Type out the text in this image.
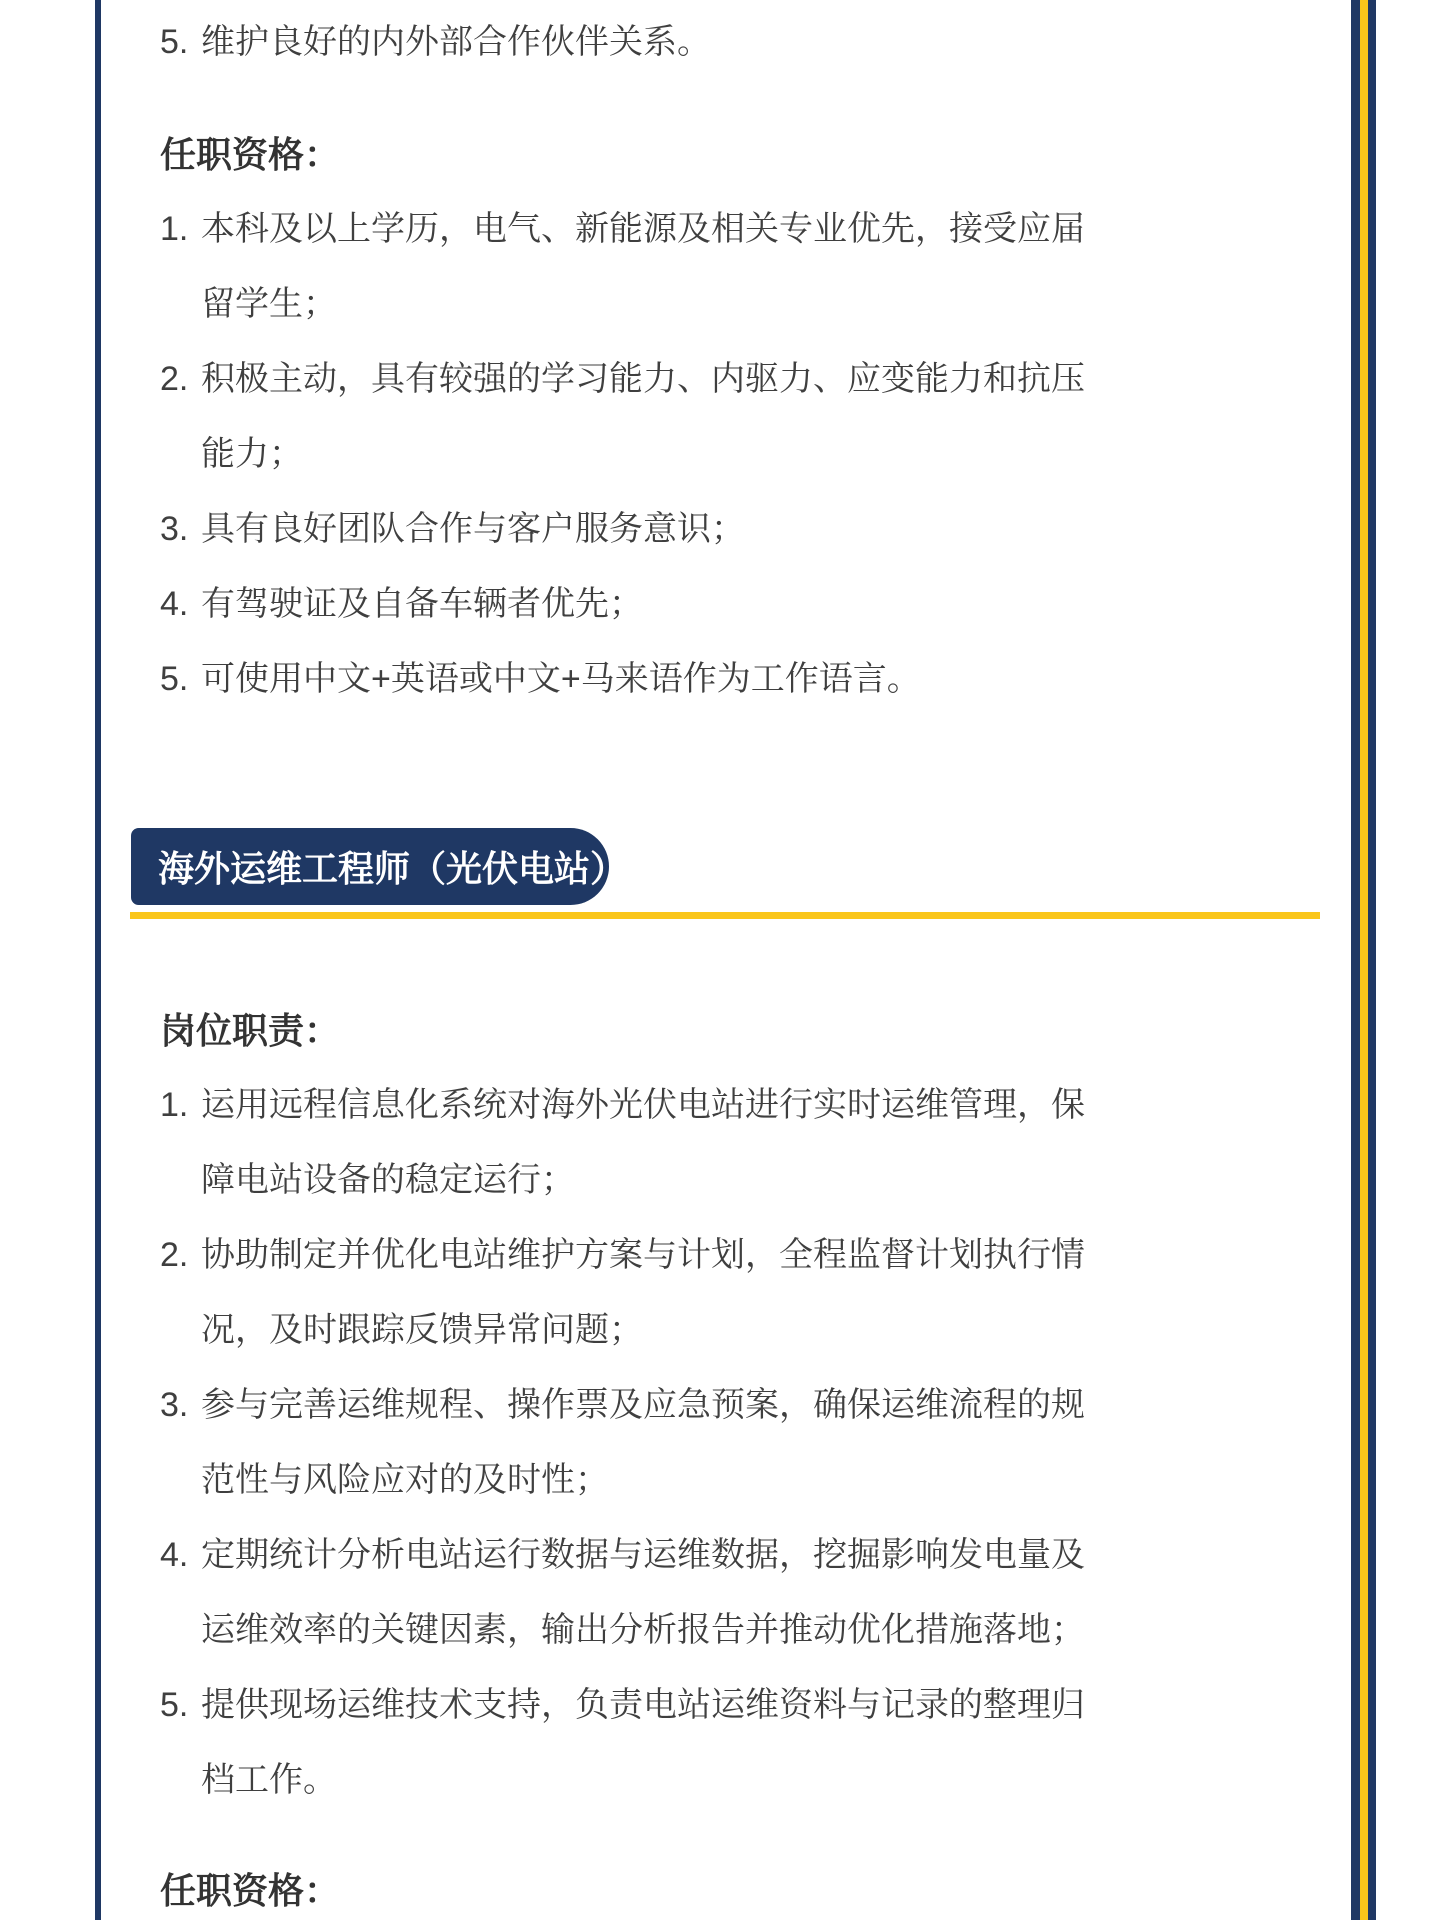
5. 维护良好的内外部合作伙伴关系。
任职资格：
1. 本科及以上学历，电气、新能源及相关专业优先，接受应届
留学生；
2. 积极主动，具有较强的学习能力、内驱力、应变能力和抗压
能力；
3. 具有良好团队合作与客户服务意识；
4. 有驾驶证及自备车辆者优先；
5. 可使用中文+英语或中文+马来语作为工作语言。
海外运维工程师（光伏电站）
岗位职责：
1. 运用远程信息化系统对海外光伏电站进行实时运维管理，保
障电站设备的稳定运行；
2. 协助制定并优化电站维护方案与计划，全程监督计划执行情
况，及时跟踪反馈异常问题；
3. 参与完善运维规程、操作票及应急预案，确保运维流程的规
范性与风险应对的及时性；
4. 定期统计分析电站运行数据与运维数据，挖掘影响发电量及
运维效率的关键因素，输出分析报告并推动优化措施落地；
5. 提供现场运维技术支持，负责电站运维资料与记录的整理归
档工作。
任职资格：
